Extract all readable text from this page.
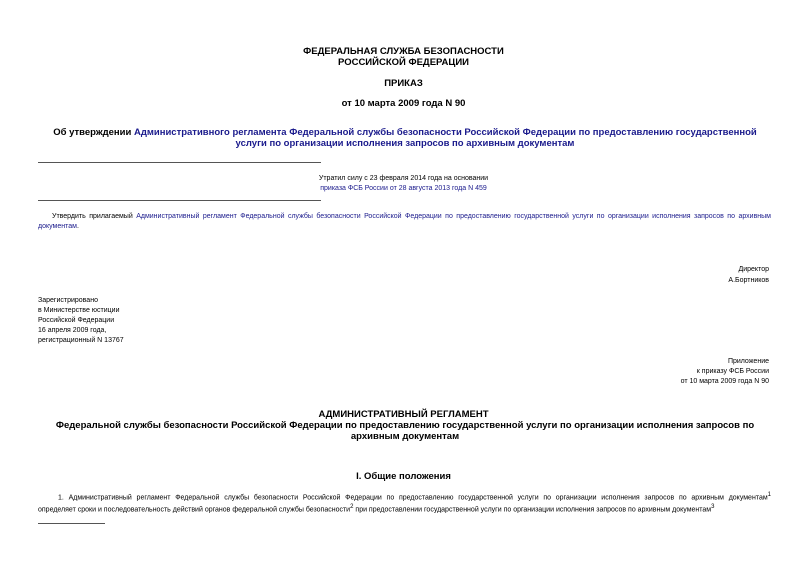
ФЕДЕРАЛЬНАЯ СЛУЖБА БЕЗОПАСНОСТИ
РОССИЙСКОЙ ФЕДЕРАЦИИ
ПРИКАЗ
от 10 марта 2009 года N 90
Об утверждении Административного регламента Федеральной службы безопасности Российской Федерации по предоставлению государственной услуги по организации исполнения запросов по архивным документам
Утратил силу с 23 февраля 2014 года на основании
приказа ФСБ России от 28 августа 2013 года N 459
Утвердить прилагаемый Административный регламент Федеральной службы безопасности Российской Федерации по предоставлению государственной услуги по организации исполнения запросов по архивным документам.
Директор
А.Бортников
Зарегистрировано
в Министерстве юстиции
Российской Федерации
16 апреля 2009 года,
регистрационный N 13767
Приложение
к приказу ФСБ России
от 10 марта 2009 года N 90
АДМИНИСТРАТИВНЫЙ РЕГЛАМЕНТ
Федеральной службы безопасности Российской Федерации по предоставлению государственной услуги по организации исполнения запросов по архивным документам
I. Общие положения
1. Административный регламент Федеральной службы безопасности Российской Федерации по предоставлению государственной услуги по организации исполнения запросов по архивным документам$^1$
определяет сроки и последовательность действий органов федеральной службы безопасности$^2$ при предоставлении государственной услуги по организации исполнения запросов по архивным документам$^3$
